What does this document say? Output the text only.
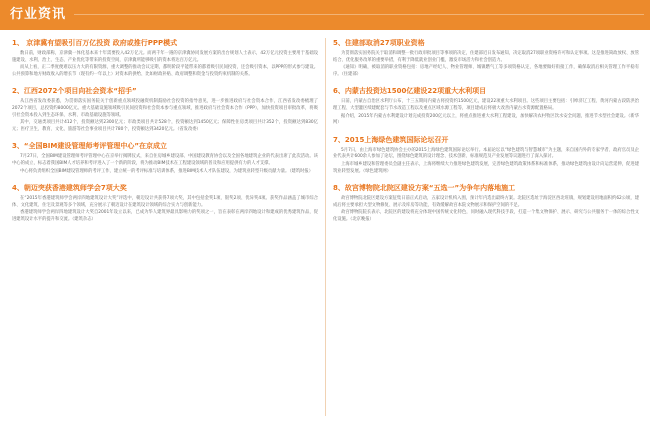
行业资讯
1、 京津冀有望吸引百万亿投资 政府或推行PPP模式
数日前，财政部称，京津冀一体化基本来十年需要投入42万亿元。而两千年一遇的京津冀协同发展方案的出台规划人士表示，42万亿元投资主要用于基础设施建设、水利、治上、生态、产业优化等带来的投资空间，京津冀所能够吸引的资本将达百万亿元。
而从上看，正二季度便难以压力大的有限资源，重大调整的推动会议定期，都明阶段平能带来的都着吸引民间投资，还会吸引资本，以PPP的形式参与建设。公共预算和地方财政收入的增长节（现有约一年以上）对资本的供给、比如财政补贴、政府调整和资金与投资约束机制的关系。
2、江西2072个项目向社会资本“招手”
从江西省发改委获悉，为贯彻落实国务院关于创新重点领域投融资机制鼓励社会投资的指导意见，进一步推进政府与社会资本合作，江西省发改委梳理了2072个项目，总投资约8000亿元。重大基础设施领域吸引民间投资和社会资本参与重点领域，推进政府与社会资本合作（PPP），加快投资项目审批改革，将吸引社会资本投入到生态环保、水利、市政基础设施等领域。
其中，交通类项目共计412个，投资额达到2300亿元；市政类项目共计528个，投资额达到1450亿元；保障性住房类项目共计352个，投资额达到830亿元；医疗卫生、教育、文化、旅游等社会事业项目共计780个，投资额达到3420亿元。（省发改委）
3、“全国BIM建设管理师考评管理中心”在京成立
7月27日，全国BIM建设管理师考评管理中心在京举行揭牌仪式，来自住房城乡建设部、中国建设教育协会以及全国各地建筑企业的代表出席了此次活动。该中心的成立，标志着我国BIM人才培养和考评进入了一个新的阶段，将为推动BIM技术在工程建设领域的普及和应用提供有力的人才支撑。
中心将负责组织全国BIM建设管理师的考评工作，建立统一的考评标准与培训体系，推进BIM技术人才队伍建设，为建筑业转型升级贡献力量。（建筑时报）
4、朝迈突获香港建筑师学会7项大奖
在“2015年香港建筑师学会两岸四地建筑设计大奖”评选中，朝迈设计共获得7项大奖，其中包括金奖1项、银奖2项、优异奖4项。获奖作品涵盖了城市综合体、文化建筑、住宅及景观等多个领域，充分展示了朝迈设计在建筑设计领域的综合实力与创新能力。
香港建筑师学会两岸四地建筑设计大奖自2001年设立以来，已成为华人建筑界最具影响力的奖项之一，旨在表彰在两岸四地设计和建成的优秀建筑作品，促进建筑设计水平的提升和交流。（建筑杂志）
5、住建部取消27项职业资格
为贯彻落实国务院关于取消和调整一批行政审批项目等事项的决定，住建部近日发布通知，决定取消27项职业资格许可和认定事项。这是推进简政放权、放管结合、优化服务改革的重要举措，有利于降低就业创业门槛，激发市场活力和社会创造力。
《通知》明确，被取消的职业资格包括：房地产经纪人、物业管理师、城镇燃气工等多项资格认定，各地要做好衔接工作，确保取消后相关管理工作平稳有序。（住建部）
6、内蒙古投资达1500亿建设22项重大水利项目
日前，内蒙古自治区水利厅公布，十三五期间内蒙古将投资约1500亿元，建设22项重大水利项目。这些项目主要包括：引绰济辽工程、黄河内蒙古段防洪治理工程、大型灌区续建配套与节水改造工程以及重点区域水源工程等，项目建成后将极大改善内蒙古水资源配置格局。
据介绍，2015年内蒙古水利建设计划完成投资200亿元以上，将重点推进重大水利工程建设，加快解决农村牧区饮水安全问题，推进节水型社会建设。（新华网）
7、2015上海绿色建筑国际论坛召开
5月7日，由上海市绿色建筑协会主办的2015上海绿色建筑国际论坛举行。本届论坛以“绿色建筑与智慧城市”为主题，来自国内外的专家学者、政府官员及企业代表共计600余人参加了论坛，围绕绿色建筑的设计理念、技术创新、标准规范及产业发展等议题进行了深入探讨。
上海市城乡建设和管理委员会副主任表示，上海将继续大力推进绿色建筑发展，完善绿色建筑政策体系和标准体系，推动绿色建筑由设计向运营延伸，促进建筑业转型发展。（绿色建筑网）
8、故宫博物院北院区建设方案“五选一”为争年内落地施工
故宫博物院北院区建设方案征集日前正式启动，五家设计机构入围，预计年内选出最终方案。北院区选址于海淀区西北旺镇，规划建设用地面积约62公顷，建成后将主要承担大型文物修复、展示及库房等功能，有效缓解故宫本院文物展示和保护空间的不足。
故宫博物院院长表示，北院区的建设将充分体现中国传统文化特色，同时融入现代科技手段，打造一个集文物保护、展示、研究与公共服务于一体的综合性文化设施。（北京晚报）
